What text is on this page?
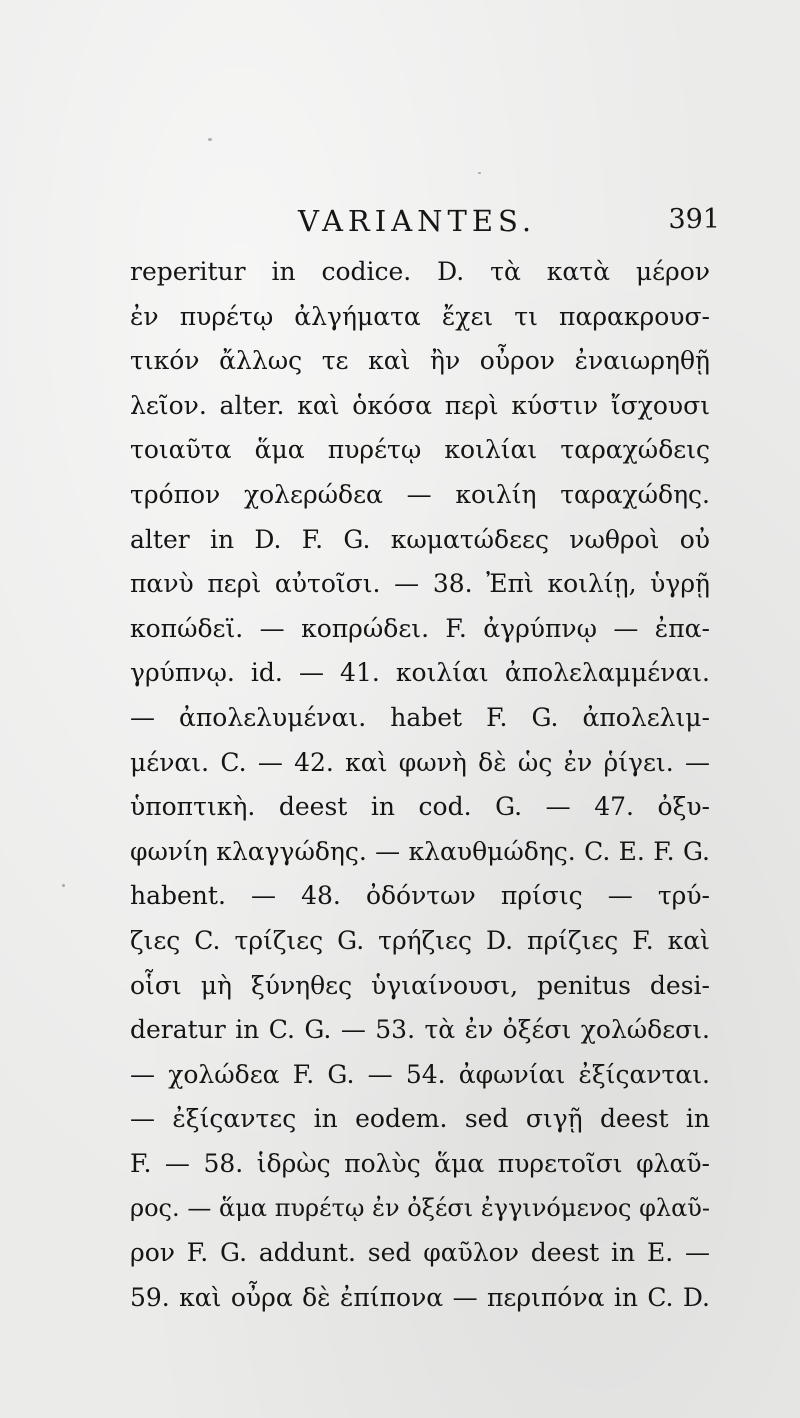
VARIANTES.	391
reperitur in codice. D. τὰ κατὰ μέρον
ἐν πυρέτῳ ἀλγήματα ἔχει τι παρακρουσ-
τικόν ἄλλως τε καὶ ἢν οὖρον ἐναιωρηθῇ
λεῖον. alter. καὶ ὁκόσα περὶ κύστιν ἴσχουσι
τοιαῦτα ἅμα πυρέτῳ κοιλίαι ταραχώδεις
τρόπον χολερώδεα — κοιλίη ταραχώδης.
alter in D. F. G. κωματώδεες νωθροὶ οὐ
πανὺ περὶ αὐτοῖσι. — 38. Ἐπὶ κοιλίῃ, ὑγρῇ
κοπώδεϊ. — κοπρώδει. F. ἀγρύπνῳ — ἐπα-
γρύπνῳ. id. — 41. κοιλίαι ἀπολελαμμέναι.
— ἀπολελυμέναι. habet F. G. ἀπολελιμ-
μέναι. C. — 42. καὶ φωνὴ δὲ ὡς ἐν ῥίγει. —
ὑποπτικὴ. deest in cod. G. — 47. ὀξυ-
φωνίη κλαγγώδης. — κλαυθμώδης. C. E. F. G.
habent. — 48. ὀδόντων πρίσις — τρύ-
ζιες C. τρίζιες G. τρήζιες D. πρίζιες F. καὶ
οἷσι μὴ ξύνηθες ὑγιαίνουσι, penitus desi-
deratur in C. G. — 53. τὰ ἐν ὀξέσι χολώδεσι.
— χολώδεα F. G. — 54. ἀφωνίαι ἐξίςανται.
— ἐξίςαντες in eodem. sed σιγῇ deest in
F. — 58. ἱδρὼς πολὺς ἅμα πυρετοῖσι φλαῦ-
ρος. — ἅμα πυρέτῳ ἐν ὀξέσι ἐγγινόμενος φλαῦ-
ρον F. G. addunt. sed φαῦλον deest in E. —
59. καὶ οὖρα δὲ ἐπίπονα — περιπόνα in C. D.
